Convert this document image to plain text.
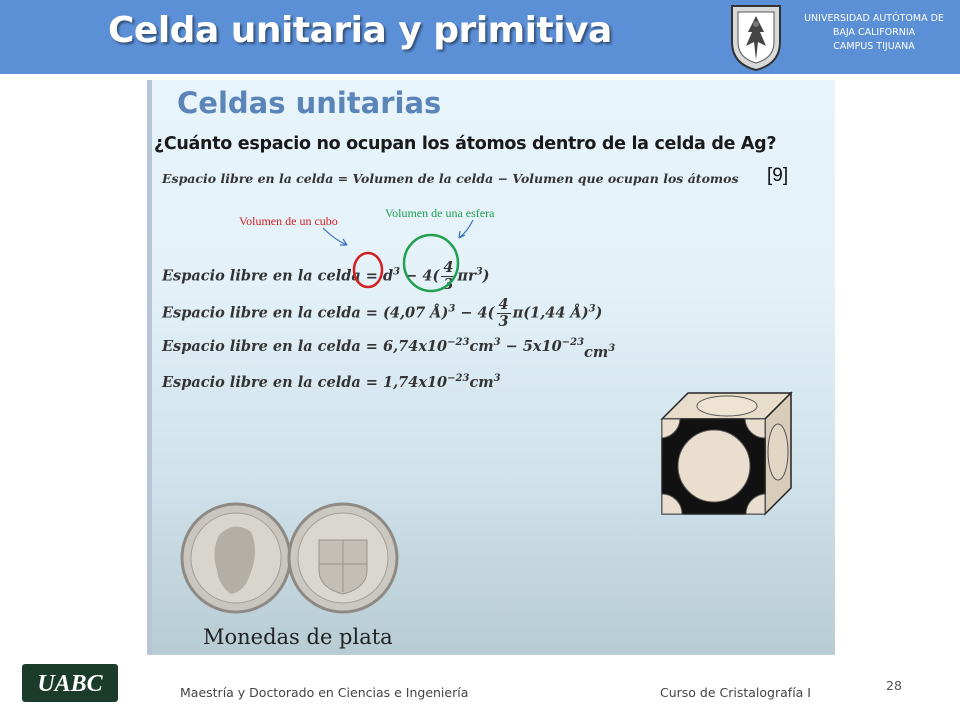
Celda unitaria y primitiva	UNIVERSIDAD AUTÓTOMA DE
BAJA CALIFORNIA
CAMPUS TIJUANA
Celdas unitarias
¿Cuánto espacio no ocupan los átomos dentro de la celda de Ag?
[9]
Espacio libre en la celda = Volumen de la celda − Volumen que ocupan los átomos
Volumen de un cubo
Volumen de una esfera
Espacio libre en la celda = $d^3 - 4( \frac{4}{3} \pi r^3)$
Espacio libre en la celda = (4,07 Å)$^3$ − $4( \frac{4}{3} \pi(1,44$ Å)$^3$)
Espacio libre en la celda = $6,74x10^{-23}cm^3 - 5x10^{-23}cm^3$
Espacio libre en la celda = $1,74x10^{-23}cm^3$
Monedas de plata
UABC	Maestría y Doctorado en Ciencias e Ingeniería	Curso de Cristalografía I	28
